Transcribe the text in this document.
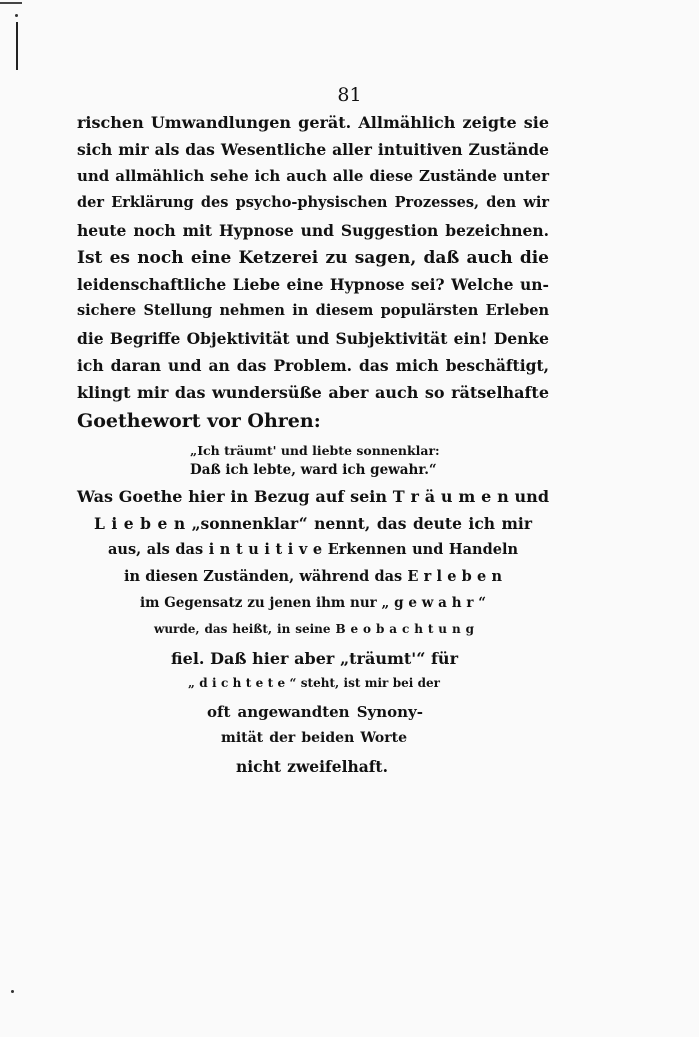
81
rischen Umwandlungen gerät. Allmählich zeigte sie
sich mir als das Wesentliche aller intuitiven Zustände
und allmählich sehe ich auch alle diese Zustände unter
der Erklärung des psycho-physischen Prozesses, den wir
heute noch mit Hypnose und Suggestion bezeichnen.
Ist es noch eine Ketzerei zu sagen, daß auch die
leidenschaftliche Liebe eine Hypnose sei? Welche un-
sichere Stellung nehmen in diesem populärsten Erleben
die Begriffe Objektivität und Subjektivität ein! Denke
ich daran und an das Problem. das mich beschäftigt,
klingt mir das wundersüße aber auch so rätselhafte
Goethewort vor Ohren:
„Ich träumt' und liebte sonnenklar:
Daß ich lebte, ward ich gewahr.“
Was Goethe hier in Bezug auf sein T r ä u m e n und
L i e b e n „sonnenklar“ nennt, das deute ich mir
aus, als das i n t u i t i v e Erkennen und Handeln
in diesen Zuständen, während das E r l e b e n
im Gegensatz zu jenen ihm nur „ g e w a h r “
wurde, das heißt, in seine B e o b a c h t u n g
fiel. Daß hier aber „träumt'“ für
„ d i c h t e t e “ steht, ist mir bei der
oft angewandten Synony-
mität der beiden Worte
nicht zweifelhaft.
